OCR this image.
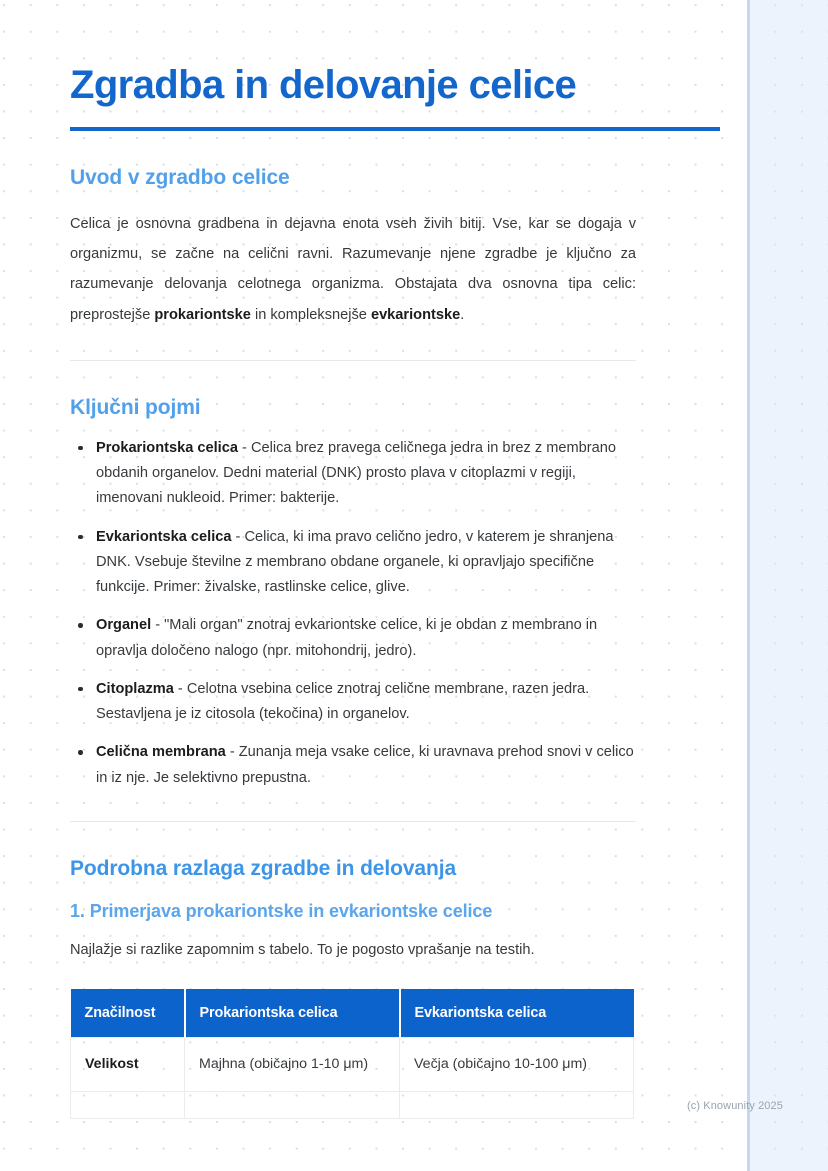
Zgradba in delovanje celice
Uvod v zgradbo celice

Celica je osnovna gradbena in dejavna enota vseh živih bitij. Vse, kar se dogaja v organizmu, se začne na celični ravni. Razumevanje njene zgradbe je ključno za razumevanje delovanja celotnega organizma. Obstajata dva osnovna tipa celic: preprostejše prokariontske in kompleksnejše evkariontske.

Ključni pojmi
Prokariontska celica - Celica brez pravega celičnega jedra in brez z membrano obdanih organelov. Dedni material (DNK) prosto plava v citoplazmi v regiji, imenovani nukleoid. Primer: bakterije.
Evkariontska celica - Celica, ki ima pravo celično jedro, v katerem je shranjena DNK. Vsebuje številne z membrano obdane organele, ki opravljajo specifične funkcije. Primer: živalske, rastlinske celice, glive.
Organel - "Mali organ" znotraj evkariontske celice, ki je obdan z membrano in opravlja določeno nalogo (npr. mitohondrij, jedro).
Citoplazma - Celotna vsebina celice znotraj celične membrane, razen jedra. Sestavljena je iz citosola (tekočina) in organelov.
Celična membrana - Zunanja meja vsake celice, ki uravnava prehod snovi v celico in iz nje. Je selektivno prepustna.
Podrobna razlaga zgradbe in delovanja
1. Primerjava prokariontske in evkariontske celice

Najlažje si razlike zapomnim s tabelo. To je pogosto vprašanje na testih.

Značilnost	Prokariontska celica	Evkariontska celica
Velikost	Majhna (običajno 1-10 μm)	Večja (običajno 10-100 μm)

(c) Knowunity 2025
